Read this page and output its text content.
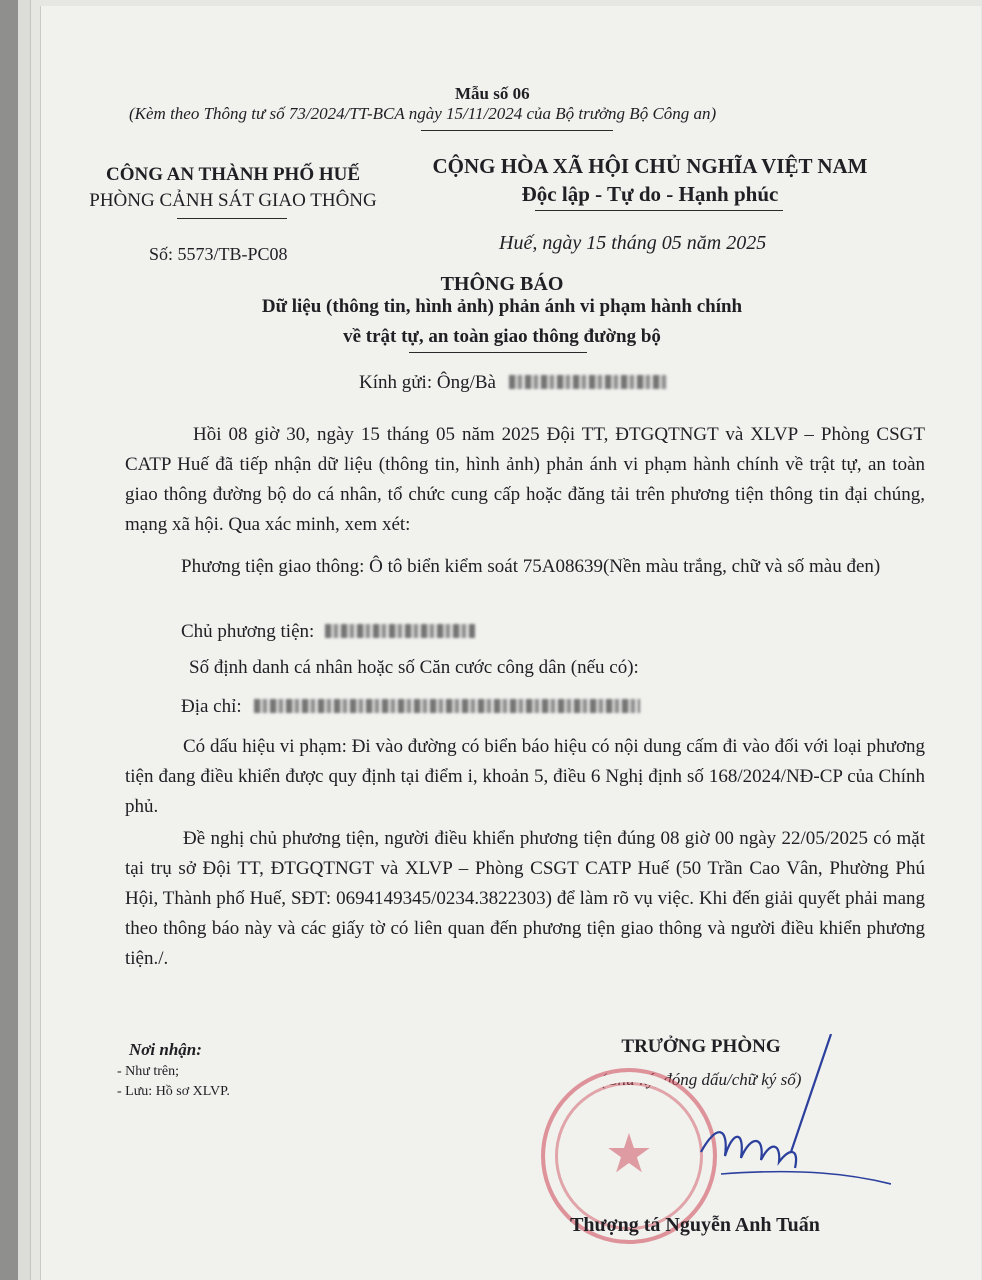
Mẫu số 06
(Kèm theo Thông tư số 73/2024/TT-BCA ngày 15/11/2024 của Bộ trưởng Bộ Công an)
CÔNG AN THÀNH PHỐ HUẾ
PHÒNG CẢNH SÁT GIAO THÔNG
CỘNG HÒA XÃ HỘI CHỦ NGHĨA VIỆT NAM
Độc lập - Tự do - Hạnh phúc
Số: 5573/TB-PC08	Huế, ngày 15 tháng 05 năm 2025
THÔNG BÁO
Dữ liệu (thông tin, hình ảnh) phản ánh vi phạm hành chính
về trật tự, an toàn giao thông đường bộ
Kính gửi: Ông/Bà
Hồi 08 giờ 30, ngày 15 tháng 05 năm 2025 Đội TT, ĐTGQTNGT và XLVP – Phòng CSGT CATP Huế đã tiếp nhận dữ liệu (thông tin, hình ảnh) phản ánh vi phạm hành chính về trật tự, an toàn giao thông đường bộ do cá nhân, tổ chức cung cấp hoặc đăng tải trên phương tiện thông tin đại chúng, mạng xã hội. Qua xác minh, xem xét:
Phương tiện giao thông: Ô tô biển kiểm soát 75A08639(Nền màu trắng, chữ và số màu đen)
Chủ phương tiện:
Số định danh cá nhân hoặc số Căn cước công dân (nếu có):
Địa chỉ:
Có dấu hiệu vi phạm: Đi vào đường có biển báo hiệu có nội dung cấm đi vào đối với loại phương tiện đang điều khiển được quy định tại điểm i, khoản 5, điều 6 Nghị định số 168/2024/NĐ-CP của Chính phủ.
Đề nghị chủ phương tiện, người điều khiển phương tiện đúng 08 giờ 00 ngày 22/05/2025 có mặt tại trụ sở Đội TT, ĐTGQTNGT và XLVP – Phòng CSGT CATP Huế (50 Trần Cao Vân, Phường Phú Hội, Thành phố Huế, SĐT: 0694149345/0234.3822303) để làm rõ vụ việc. Khi đến giải quyết phải mang theo thông báo này và các giấy tờ có liên quan đến phương tiện giao thông và người điều khiển phương tiện./.
Nơi nhận:
- Như trên;
- Lưu: Hồ sơ XLVP.
TRƯỞNG PHÒNG
(Chữ ký, đóng dấu/chữ ký số)
★
Thượng tá Nguyễn Anh Tuấn
